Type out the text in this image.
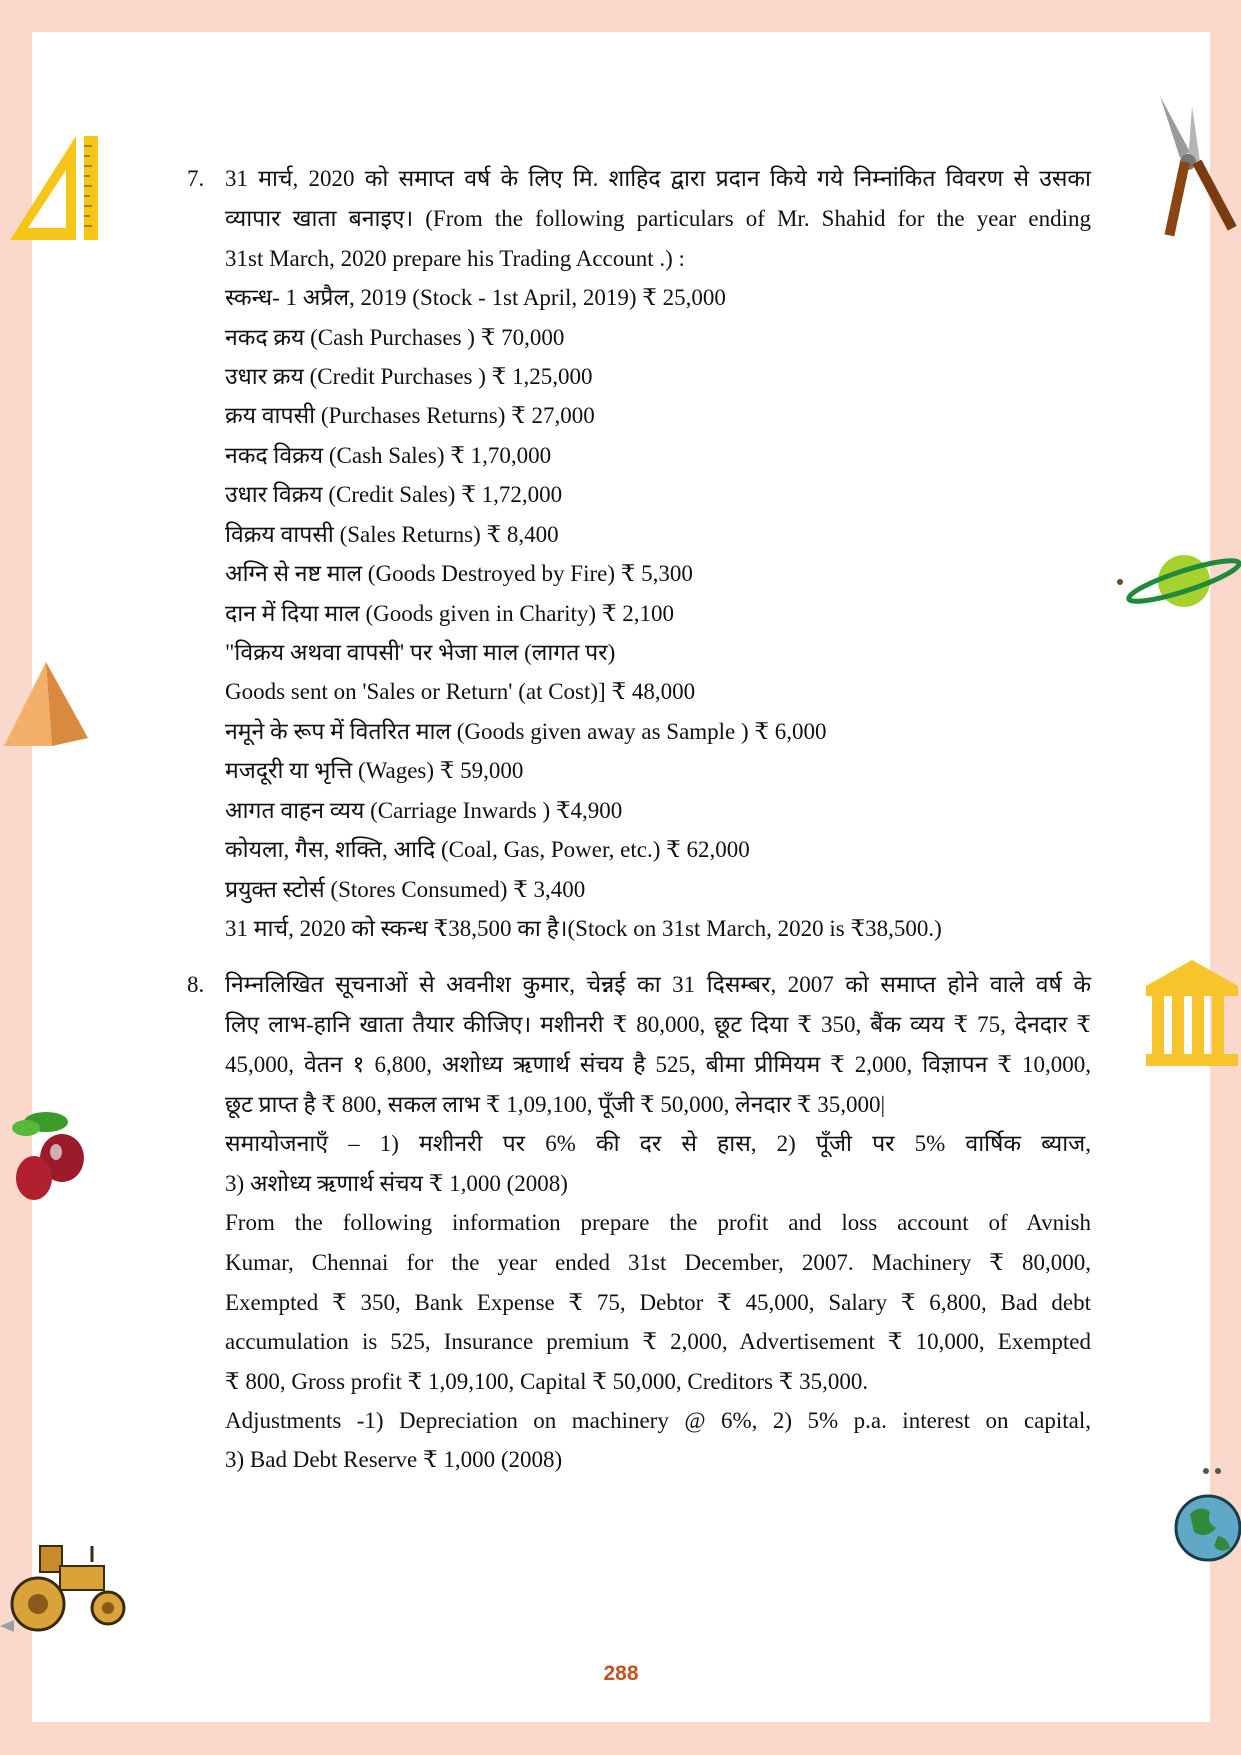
7. 31 मार्च, 2020 को समाप्त वर्ष के लिए मि. शाहिद द्वारा प्रदान किये गये निम्नांकित विवरण से उसका
व्यापार खाता बनाइए। (From the following particulars of Mr. Shahid for the year ending
31st March, 2020 prepare his Trading Account .) :
स्कन्ध- 1 अप्रैल, 2019 (Stock - 1st April, 2019) ₹ 25,000
नकद क्रय (Cash Purchases ) ₹ 70,000
उधार क्रय (Credit Purchases ) ₹ 1,25,000
क्रय वापसी (Purchases Returns) ₹ 27,000
नकद विक्रय (Cash Sales) ₹ 1,70,000
उधार विक्रय (Credit Sales) ₹ 1,72,000
विक्रय वापसी (Sales Returns) ₹ 8,400
अग्नि से नष्ट माल (Goods Destroyed by Fire) ₹ 5,300
दान में दिया माल (Goods given in Charity) ₹ 2,100
"विक्रय अथवा वापसी' पर भेजा माल (लागत पर)
Goods sent on 'Sales or Return' (at Cost)] ₹ 48,000
नमूने के रूप में वितरित माल (Goods given away as Sample ) ₹ 6,000
मजदूरी या भृत्ति (Wages) ₹ 59,000
आगत वाहन व्यय (Carriage Inwards ) ₹4,900
कोयला, गैस, शक्ति, आदि (Coal, Gas, Power, etc.) ₹ 62,000
प्रयुक्त स्टोर्स (Stores Consumed) ₹ 3,400
31 मार्च, 2020 को स्कन्ध ₹38,500 का है।(Stock on 31st March, 2020 is ₹38,500.)
8. निम्नलिखित सूचनाओं से अवनीश कुमार, चेन्नई का 31 दिसम्बर, 2007 को समाप्त होने वाले वर्ष के
लिए लाभ-हानि खाता तैयार कीजिए। मशीनरी ₹ 80,000, छूट दिया ₹ 350, बैंक व्यय ₹ 75, देनदार ₹
45,000, वेतन १ 6,800, अशोध्य ऋणार्थ संचय है 525, बीमा प्रीमियम ₹ 2,000, विज्ञापन ₹ 10,000,
छूट प्राप्त है ₹ 800, सकल लाभ ₹ 1,09,100, पूँजी ₹ 50,000, लेनदार ₹ 35,000|
समायोजनाएँ – 1) मशीनरी पर 6% की दर से हास, 2) पूँजी पर 5% वार्षिक ब्याज,
3) अशोध्य ऋणार्थ संचय ₹ 1,000 (2008)
From the following information prepare the profit and loss account of Avnish
Kumar, Chennai for the year ended 31st December, 2007. Machinery ₹ 80,000,
Exempted ₹ 350, Bank Expense ₹ 75, Debtor ₹ 45,000, Salary ₹ 6,800, Bad debt
accumulation is 525, Insurance premium ₹ 2,000, Advertisement ₹ 10,000, Exempted
₹ 800, Gross profit ₹ 1,09,100, Capital ₹ 50,000, Creditors ₹ 35,000.
Adjustments -1) Depreciation on machinery @ 6%, 2) 5% p.a. interest on capital,
3) Bad Debt Reserve ₹ 1,000 (2008)
288
